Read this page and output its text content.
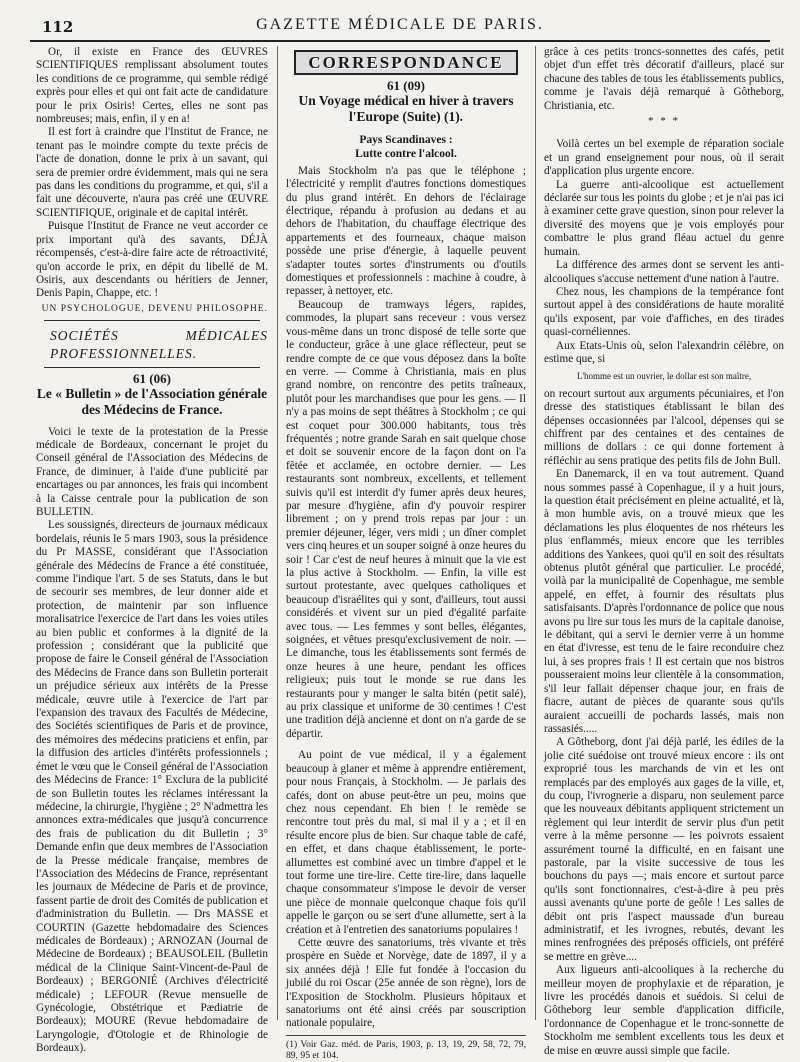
112	GAZETTE MÉDICALE DE PARIS.

Or, il existe en France des ŒUVRES SCIENTIFIQUES remplissant absolument toutes les conditions de ce programme, qui semble rédigé exprès pour elles et qui ont fait acte de candidature pour le prix Osiris! Certes, elles ne sont pas nombreuses; mais, enfin, il y en a!

Il est fort à craindre que l'Institut de France, ne tenant pas le moindre compte du texte précis de l'acte de donation, donne le prix à un savant, qui sera de premier ordre évidemment, mais qui ne sera pas dans les conditions du programme, et qui, s'il a fait une découverte, n'aura pas créé une ŒUVRE SCIENTIFIQUE, originale et de capital intérêt.

Puisque l'Institut de France ne veut accorder ce prix important qu'à des savants, DÉJÀ récompensés, c'est-à-dire faire acte de rétroactivité, qu'on accorde le prix, en dépit du libellé de M. Osiris, aux descendants ou héritiers de Jenner, Denis Papin, Chappe, etc. !

UN PSYCHOLOGUE, DEVENU PHILOSOPHE.
SOCIÉTÉS MÉDICALES PROFESSIONNELLES.
61 (06)
Le « Bulletin » de l'Association générale des Médecins de France.

Voici le texte de la protestation de la Presse médicale de Bordeaux, concernant le projet du Conseil général de l'Association des Médecins de France, de diminuer, à l'aide d'une publicité par encartages ou par annonces, les frais qui incombent à la Caisse centrale pour la publication de son BULLETIN.

Les soussignés, directeurs de journaux médicaux bordelais, réunis le 5 mars 1903, sous la présidence du Pr MASSE, considérant que l'Association générale des Médecins de France a été constituée, comme l'indique l'art. 5 de ses Statuts, dans le but de secourir ses membres, de leur donner aide et protection, de maintenir par son influence moralisatrice l'exercice de l'art dans les voies utiles au bien public et conformes à la dignité de la profession ; considérant que la publicité que propose de faire le Conseil général de l'Association des Médecins de France dans son Bulletin porterait un préjudice sérieux aux intérêts de la Presse médicale, œuvre utile à l'exercice de l'art par l'expansion des travaux des Facultés de Médecine, des Sociétés scientifiques de Paris et de province, des mémoires des médecins praticiens et enfin, par la diffusion des articles d'intérêts professionnels ; émet le vœu que le Conseil général de l'Association des Médecins de France: 1° Exclura de la publicité de son Bulletin toutes les réclames intéressant la médecine, la chirurgie, l'hygiène ; 2° N'admettra les annonces extra-médicales que jusqu'à concurrence des frais de publication du dit Bulletin ; 3° Demande enfin que deux membres de l'Association de la Presse médicale française, membres de l'Association des Médecins de France, représentant les journaux de Médecine de Paris et de province, fassent partie de droit des Comités de publication et d'administration du Bulletin. — Drs MASSE et COURTIN (Gazette hebdomadaire des Sciences médicales de Bordeaux) ; ARNOZAN (Journal de Médecine de Bordeaux) ; BEAUSOLEIL (Bulletin médical de la Clinique Saint-Vincent-de-Paul de Bordeaux) ; BERGONIÉ (Archives d'électricité médicale) ; LEFOUR (Revue mensuelle de Gynécologie, Obstétrique et Pædiatrie de Bordeaux); MOURE (Revue hebdomadaire de Laryngologie, d'Otologie et de Rhinologie de Bordeaux).

CORRESPONDANCE
61 (09)
Un Voyage médical en hiver à travers l'Europe (Suite) (1).
Pays Scandinaves :
Lutte contre l'alcool.

Mais Stockholm n'a pas que le téléphone ; l'électricité y remplit d'autres fonctions domestiques du plus grand intérêt. En dehors de l'éclairage électrique, répandu à profusion au dedans et au dehors de l'habitation, du chauffage électrique des appartements et des fourneaux, chaque maison possède une prise d'énergie, à laquelle peuvent s'adapter toutes sortes d'instruments ou d'outils domestiques et professionnels : machine à coudre, à repasser, à nettoyer, etc.

Beaucoup de tramways légers, rapides, commodes, la plupart sans receveur : vous versez vous-même dans un tronc disposé de telle sorte que le conducteur, grâce à une glace réflecteur, peut se rendre compte de ce que vous déposez dans la boîte en verre. — Comme à Christiania, mais en plus grand nombre, on rencontre des petits traîneaux, plutôt pour les marchandises que pour les gens. — Il n'y a pas moins de sept théâtres à Stockholm ; ce qui est coquet pour 300.000 habitants, tous très fréquentés ; notre grande Sarah en sait quelque chose et doit se souvenir encore de la façon dont on l'a fêtée et acclamée, en octobre dernier. — Les restaurants sont nombreux, excellents, et tellement suivis qu'il est interdit d'y fumer après deux heures, par mesure d'hygiène, afin d'y pouvoir respirer librement ; on y prend trois repas par jour : un premier déjeuner, léger, vers midi ; un dîner complet vers cinq heures et un souper soigné à onze heures du soir ! Car c'est de neuf heures à minuit que la vie est la plus active à Stockholm. — Enfin, la ville est surtout protestante, avec quelques catholiques et beaucoup d'israélites qui y sont, d'ailleurs, tout aussi considérés et vivent sur un pied d'égalité parfaite avec tous. — Les femmes y sont belles, élégantes, soignées, et vêtues presqu'exclusivement de noir. — Le dimanche, tous les établissements sont fermés de onze heures à une heure, pendant les offices religieux; puis tout le monde se rue dans les restaurants pour y manger le salta bitén (petit salé), au prix classique et uniforme de 30 centimes ! C'est une tradition déjà ancienne et dont on n'a garde de se départir.

Au point de vue médical, il y a également beaucoup à glaner et même à apprendre entièrement, pour nous Français, à Stockholm. — Je parlais des cafés, dont on abuse peut-être un peu, moins que chez nous cependant. Eh bien ! le remède se rencontre tout près du mal, si mal il y a ; et il en résulte encore plus de bien. Sur chaque table de café, en effet, et dans chaque établissement, le porte-allumettes est combiné avec un timbre d'appel et le tout forme une tire-lire. Cette tire-lire, dans laquelle chaque consommateur s'impose le devoir de verser une pièce de monnaie quelconque chaque fois qu'il appelle le garçon ou se sert d'une allumette, sert à la création et à l'entretien des sanatoriums populaires !

Cette œuvre des sanatoriums, très vivante et très prospère en Suède et Norvège, date de 1897, il y a six années déjà ! Elle fut fondée à l'occasion du jubilé du roi Oscar (25e année de son règne), lors de l'Exposition de Stockholm. Plusieurs hôpitaux et sanatoriums ont été ainsi créés par souscription nationale populaire,

(1) Voir Gaz. méd. de Paris, 1903, p. 13, 19, 29, 58, 72, 79, 89, 95 et 104.

grâce à ces petits troncs-sonnettes des cafés, petit objet d'un effet très décoratif d'ailleurs, placé sur chacune des tables de tous les établissements publics, comme je l'avais déjà remarqué à Gôtheborg, Christiania, etc.

* * *

Voilà certes un bel exemple de réparation sociale et un grand enseignement pour nous, où il serait d'application plus urgente encore.

La guerre anti-alcoolique est actuellement déclarée sur tous les points du globe ; et je n'ai pas ici à examiner cette grave question, sinon pour relever la diversité des moyens que je vois employés pour combattre le plus grand fléau actuel du genre humain.

La différence des armes dont se servent les anti-alcooliques s'accuse nettement d'une nation à l'autre.

Chez nous, les champions de la tempérance font surtout appel à des considérations de haute moralité qu'ils exposent, par voie d'affiches, en des tirades quasi-cornéliennes.

Aux Etats-Unis où, selon l'alexandrin célèbre, on estime que, si

L'homme est un ouvrier, le dollar est son maître,

on recourt surtout aux arguments pécuniaires, et l'on dresse des statistiques établissant le bilan des dépenses occasionnées par l'alcool, dépenses qui se chiffrent par des centaines et des centaines de millions de dollars : ce qui donne fortement à réfléchir au sens pratique des petits fils de John Bull.

En Danemarck, il en va tout autrement. Quand nous sommes passé à Copenhague, il y a huit jours, la question était précisément en pleine actualité, et là, à mon humble avis, on a trouvé mieux que les déclamations les plus éloquentes de nos rhéteurs les plus enflammés, mieux encore que les terribles additions des Yankees, quoi qu'il en soit des résultats obtenus plutôt général que particulier. Le procédé, voilà par la municipalité de Copenhague, me semble appelé, en effet, à fournir des résultats plus satisfaisants. D'après l'ordonnance de police que nous avons pu lire sur tous les murs de la capitale danoise, le débitant, qui a servi le dernier verre à un homme en état d'ivresse, est tenu de le faire reconduire chez lui, à ses propres frais ! Il est certain que nos bistros pousseraient moins leur clientèle à la consommation, s'il leur fallait dépenser chaque jour, en frais de fiacre, autant de pièces de quarante sous qu'ils auraient accueilli de pochards lassés, mais non rassasiés.....

A Gôtheborg, dont j'ai déjà parlé, les édiles de la jolie cité suédoise ont trouvé mieux encore : ils ont exproprié tous les marchands de vin et les ont remplacés par des employés aux gages de la ville, et, du coup, l'ivrognerie a disparu, non seulement parce que les nouveaux débitants appliquent strictement un règlement qui leur interdit de servir plus d'un petit verre à la même personne — les poivrots essaient assurément tourné la difficulté, en en faisant une pastorale, par la visite successive de tous les bouchons du pays —; mais encore et surtout parce qu'ils sont fonctionnaires, c'est-à-dire à peu près aussi avenants qu'une porte de geôle ! Les salles de débit ont pris l'aspect maussade d'un bureau administratif, et les ivrognes, rebutés, devant les mines renfrognées des préposés officiels, ont préféré se mettre en grève....

Aux ligueurs anti-alcooliques à la recherche du meilleur moyen de prophylaxie et de réparation, je livre les procédés danois et suédois. Si celui de Gôtheborg leur semble d'application difficile, l'ordonnance de Copenhague et le tronc-sonnette de Stockholm me semblent excellents tous les deux et de mise en œuvre aussi simple que facile.
